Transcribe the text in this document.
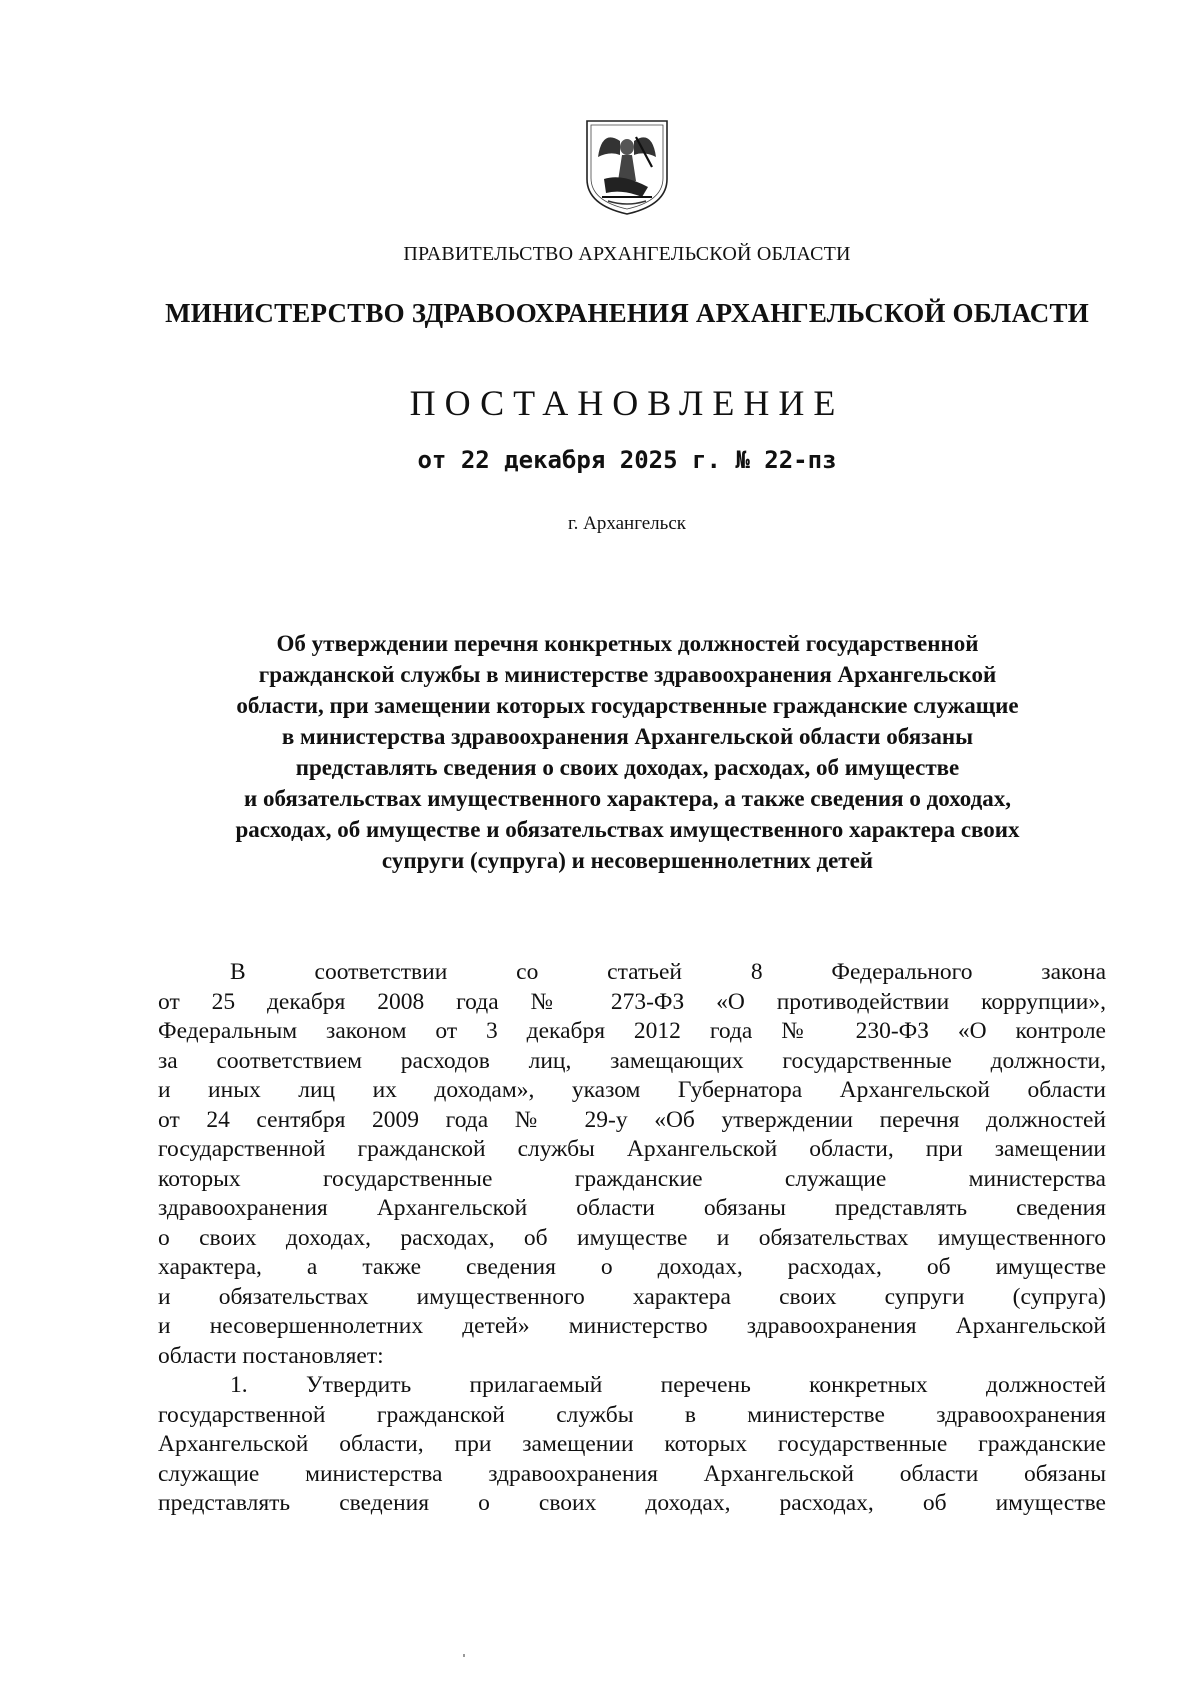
ПРАВИТЕЛЬСТВО АРХАНГЕЛЬСКОЙ ОБЛАСТИ
МИНИСТЕРСТВО ЗДРАВООХРАНЕНИЯ АРХАНГЕЛЬСКОЙ ОБЛАСТИ
ПОСТАНОВЛЕНИЕ
от 22 декабря 2025 г. № 22-пз
г. Архангельск
Об утверждении перечня конкретных должностей государственной
гражданской службы в министерстве здравоохранения Архангельской
области, при замещении которых государственные гражданские служащие
в министерства здравоохранения Архангельской области обязаны
представлять сведения о своих доходах, расходах, об имуществе
и обязательствах имущественного характера, а также сведения о доходах,
расходах, об имуществе и обязательствах имущественного характера своих
супруги (супруга) и несовершеннолетних детей
В соответствии со статьей 8 Федерального закона
от 25 декабря 2008 года № 273-ФЗ «О противодействии коррупции»,
Федеральным законом от 3 декабря 2012 года № 230-ФЗ «О контроле
за соответствием расходов лиц, замещающих государственные должности,
и иных лиц их доходам», указом Губернатора Архангельской области
от 24 сентября 2009 года № 29-у «Об утверждении перечня должностей
государственной гражданской службы Архангельской области, при замещении
которых государственные гражданские служащие министерства
здравоохранения Архангельской области обязаны представлять сведения
о своих доходах, расходах, об имуществе и обязательствах имущественного
характера, а также сведения о доходах, расходах, об имуществе
и обязательствах имущественного характера своих супруги (супруга)
и несовершеннолетних детей» министерство здравоохранения Архангельской
области постановляет:
1. Утвердить прилагаемый перечень конкретных должностей
государственной гражданской службы в министерстве здравоохранения
Архангельской области, при замещении которых государственные гражданские
служащие министерства здравоохранения Архангельской области обязаны
представлять сведения о своих доходах, расходах, об имуществе
